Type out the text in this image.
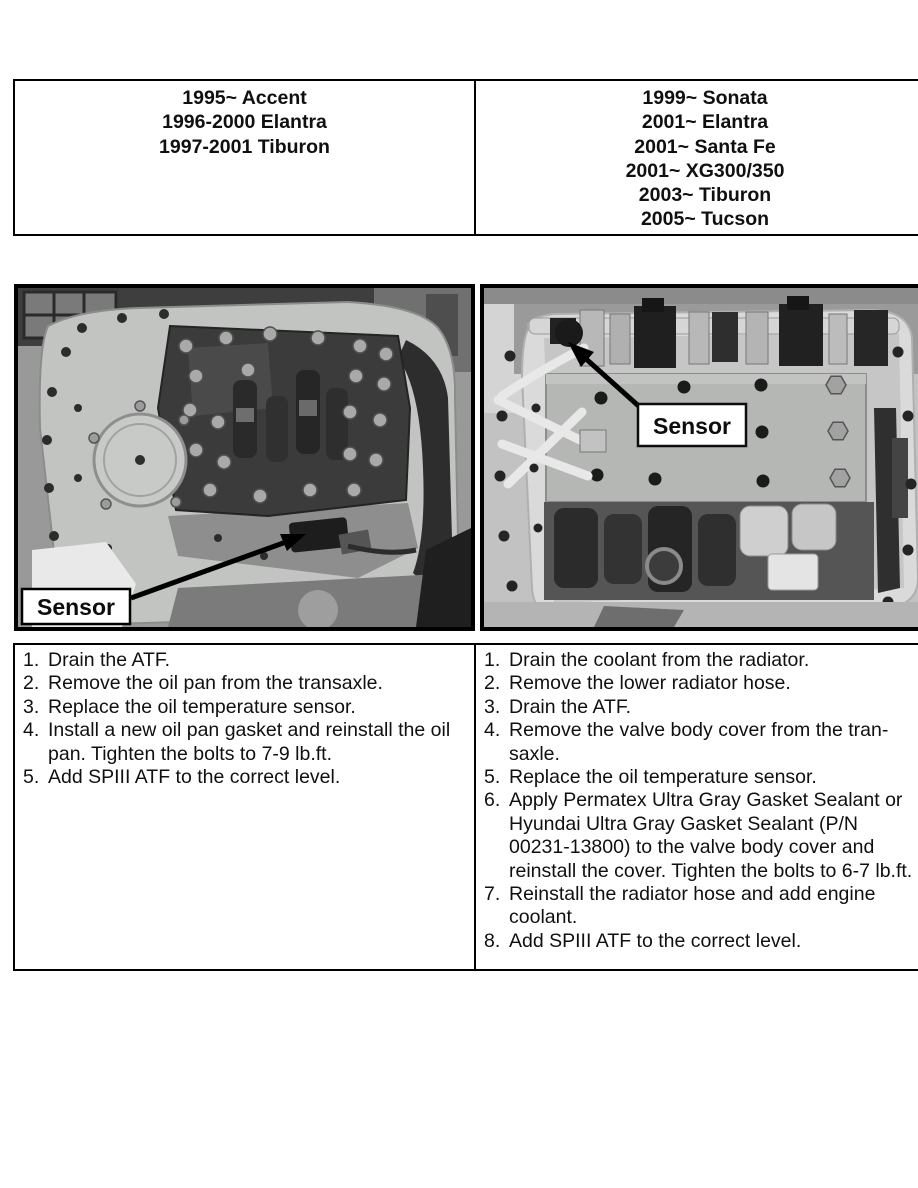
1995~ Accent
1996-2000 Elantra
1997-2001 Tiburon
1999~ Sonata
2001~ Elantra
2001~ Santa Fe
2001~ XG300/350
2003~ Tiburon
2005~ Tucson
Sensor
Sensor
1. Drain the ATF.
2. Remove the oil pan from the transaxle.
3. Replace the oil temperature sensor.
4. Install a new oil pan gasket and reinstall the oil
pan. Tighten the bolts to 7-9 lb.ft.
5. Add SPIII ATF to the correct level.
1. Drain the coolant from the radiator.
2. Remove the lower radiator hose.
3. Drain the ATF.
4. Remove the valve body cover from the tran-
saxle.
5. Replace the oil temperature sensor.
6. Apply Permatex Ultra Gray Gasket Sealant or
Hyundai Ultra Gray Gasket Sealant (P/N
00231-13800) to the valve body cover and
reinstall the cover. Tighten the bolts to 6-7 lb.ft.
7. Reinstall the radiator hose and add engine
coolant.
8. Add SPIII ATF to the correct level.
